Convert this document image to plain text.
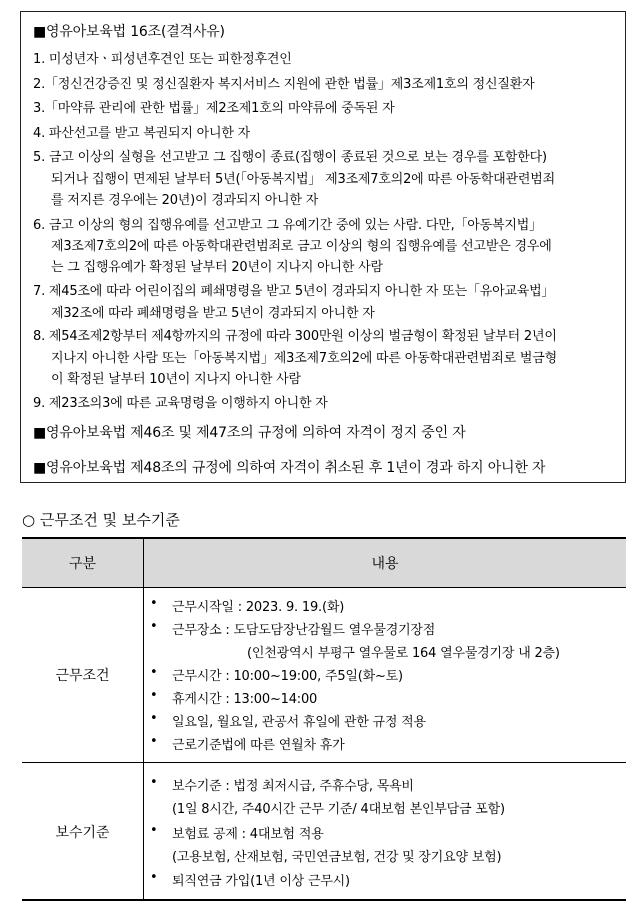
■영유아보육법 16조(결격사유)
1. 미성년자ㆍ피성년후견인 또는 피한정후견인
2.「정신건강증진 및 정신질환자 복지서비스 지원에 관한 법률」제3조제1호의 정신질환자
3.「마약류 관리에 관한 법률」제2조제1호의 마약류에 중독된 자
4. 파산선고를 받고 복권되지 아니한 자
5. 금고 이상의 실형을 선고받고 그 집행이 종료(집행이 종료된 것으로 보는 경우를 포함한다)
되거나 집행이 면제된 날부터 5년(「아동복지법」 제3조제7호의2에 따른 아동학대관련범죄
를 저지른 경우에는 20년)이 경과되지 아니한 자
6. 금고 이상의 형의 집행유예를 선고받고 그 유예기간 중에 있는 사람. 다만,「아동복지법」
제3조제7호의2에 따른 아동학대관련범죄로 금고 이상의 형의 집행유예를 선고받은 경우에
는 그 집행유예가 확정된 날부터 20년이 지나지 아니한 사람
7. 제45조에 따라 어린이집의 폐쇄명령을 받고 5년이 경과되지 아니한 자 또는「유아교육법」
제32조에 따라 폐쇄명령을 받고 5년이 경과되지 아니한 자
8. 제54조제2항부터 제4항까지의 규정에 따라 300만원 이상의 벌금형이 확정된 날부터 2년이
지나지 아니한 사람 또는「아동복지법」제3조제7호의2에 따른 아동학대관련범죄로 벌금형
이 확정된 날부터 10년이 지나지 아니한 사람
9. 제23조의3에 따른 교육명령을 이행하지 아니한 자
■영유아보육법 제46조 및 제47조의 규정에 의하여 자격이 정지 중인 자
■영유아보육법 제48조의 규정에 의하여 자격이 취소된 후 1년이 경과 하지 아니한 자
○ 근무조건 및 보수기준
구분	내용
근무조건
• 근무시작일 : 2023. 9. 19.(화)
• 근무장소 : 도담도담장난감월드 열우물경기장점
(인천광역시 부평구 열우물로 164 열우물경기장 내 2층)
• 근무시간 : 10:00~19:00, 주5일(화~토)
• 휴게시간 : 13:00~14:00
• 일요일, 월요일, 관공서 휴일에 관한 규정 적용
• 근로기준법에 따른 연월차 휴가
보수기준
• 보수기준 : 법정 최저시급, 주휴수당, 목욕비
(1일 8시간, 주40시간 근무 기준/ 4대보험 본인부담금 포함)
• 보험료 공제 : 4대보험 적용
(고용보험, 산재보험, 국민연금보험, 건강 및 장기요양 보험)
• 퇴직연금 가입(1년 이상 근무시)
